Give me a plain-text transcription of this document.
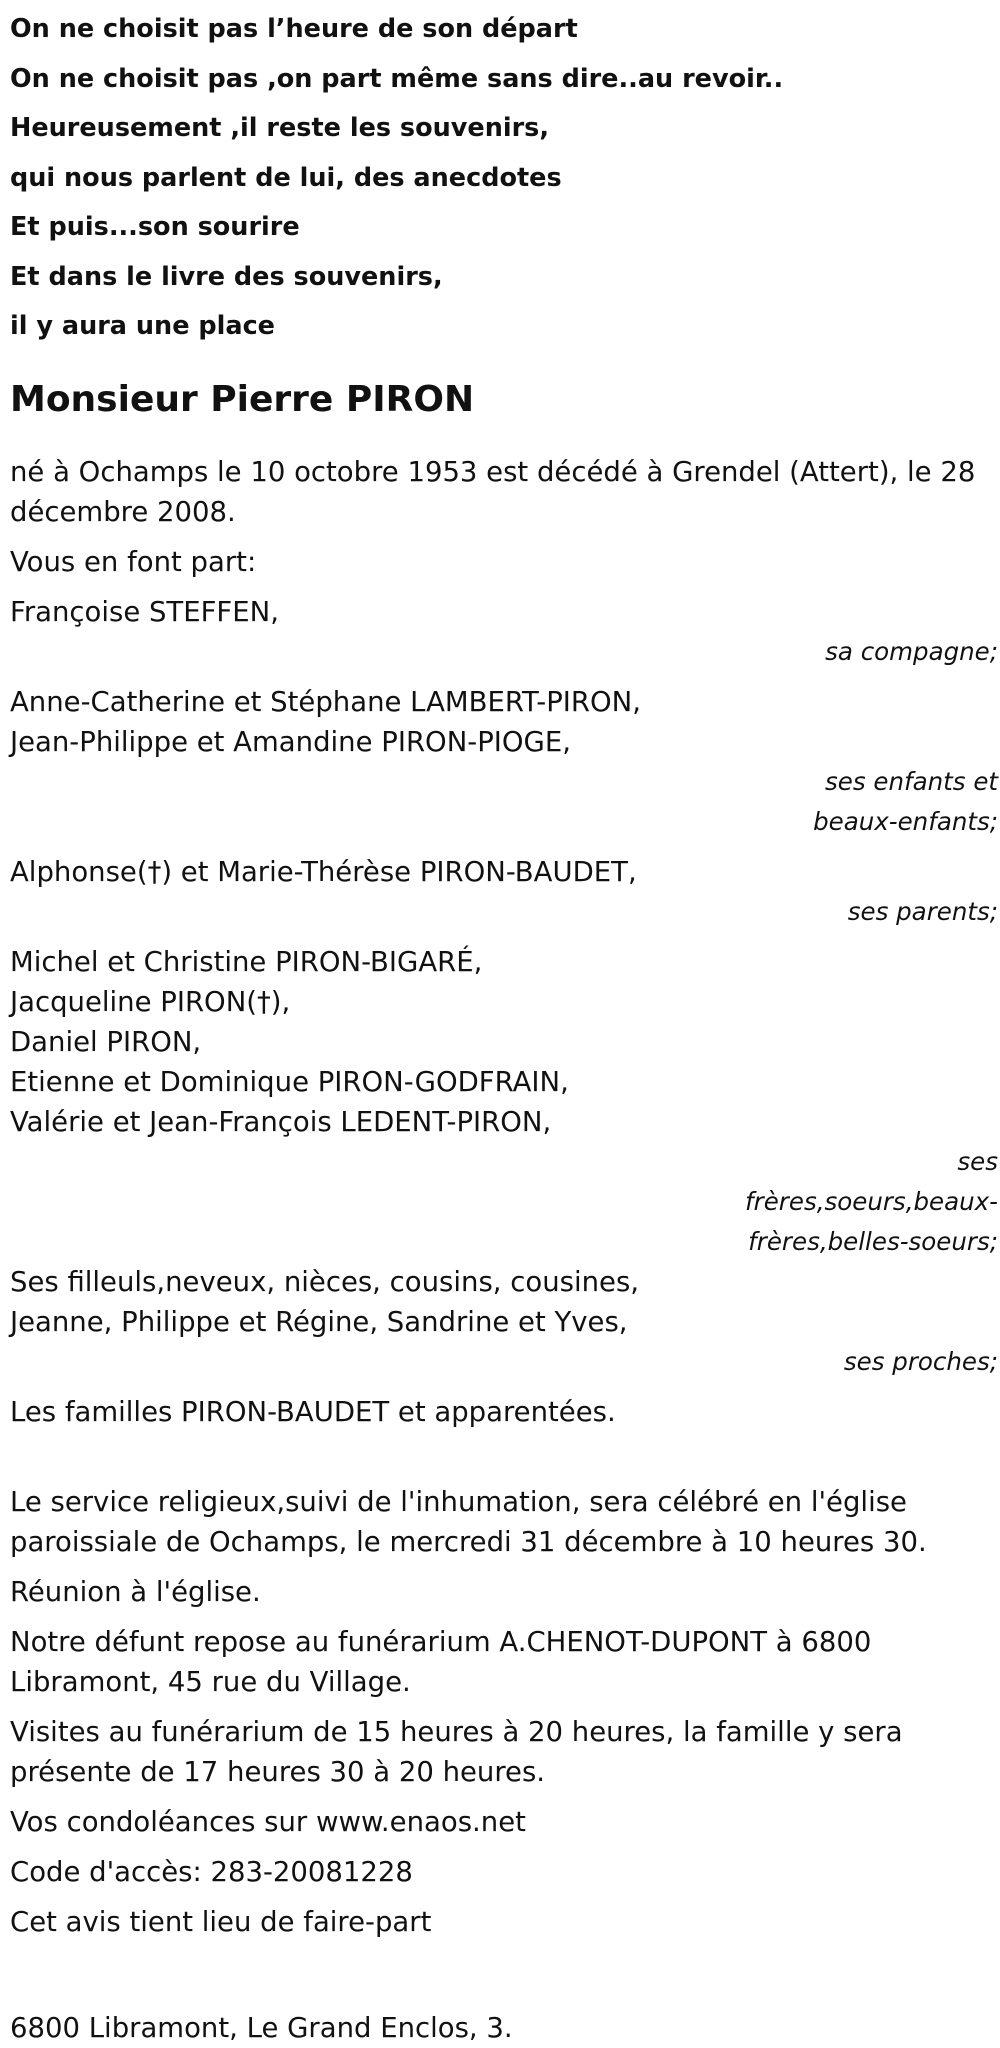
On ne choisit pas l’heure de son départ
On ne choisit pas ,on part même sans dire..au revoir..
Heureusement ,il reste les souvenirs,
qui nous parlent de lui, des anecdotes
Et puis...son sourire
Et dans le livre des souvenirs,
il y aura une place
Monsieur Pierre PIRON

né à Ochamps le 10 octobre 1953 est décédé à Grendel (Attert), le 28 décembre 2008.

Vous en font part:

Françoise STEFFEN,
sa compagne;
Anne-Catherine et Stéphane LAMBERT-PIRON,
Jean-Philippe et Amandine PIRON-PIOGE,
ses enfants et
beaux-enfants;
Alphonse(†) et Marie-Thérèse PIRON-BAUDET,
ses parents;
Michel et Christine PIRON-BIGARÉ,
Jacqueline PIRON(†),
Daniel PIRON,
Etienne et Dominique PIRON-GODFRAIN,
Valérie et Jean-François LEDENT-PIRON,
ses
frères,soeurs,beaux-
frères,belles-soeurs;
Ses filleuls,neveux, nièces, cousins, cousines,
Jeanne, Philippe et Régine, Sandrine et Yves,
ses proches;

Les familles PIRON-BAUDET et apparentées.

Le service religieux,suivi de l'inhumation, sera célébré en l'église paroissiale de Ochamps, le mercredi 31 décembre à 10 heures 30.

Réunion à l'église.

Notre défunt repose au funérarium A.CHENOT-DUPONT à 6800 Libramont, 45 rue du Village.

Visites au funérarium de 15 heures à 20 heures, la famille y sera présente de 17 heures 30 à 20 heures.

Vos condoléances sur www.enaos.net

Code d'accès: 283-20081228

Cet avis tient lieu de faire-part

6800 Libramont, Le Grand Enclos, 3.
